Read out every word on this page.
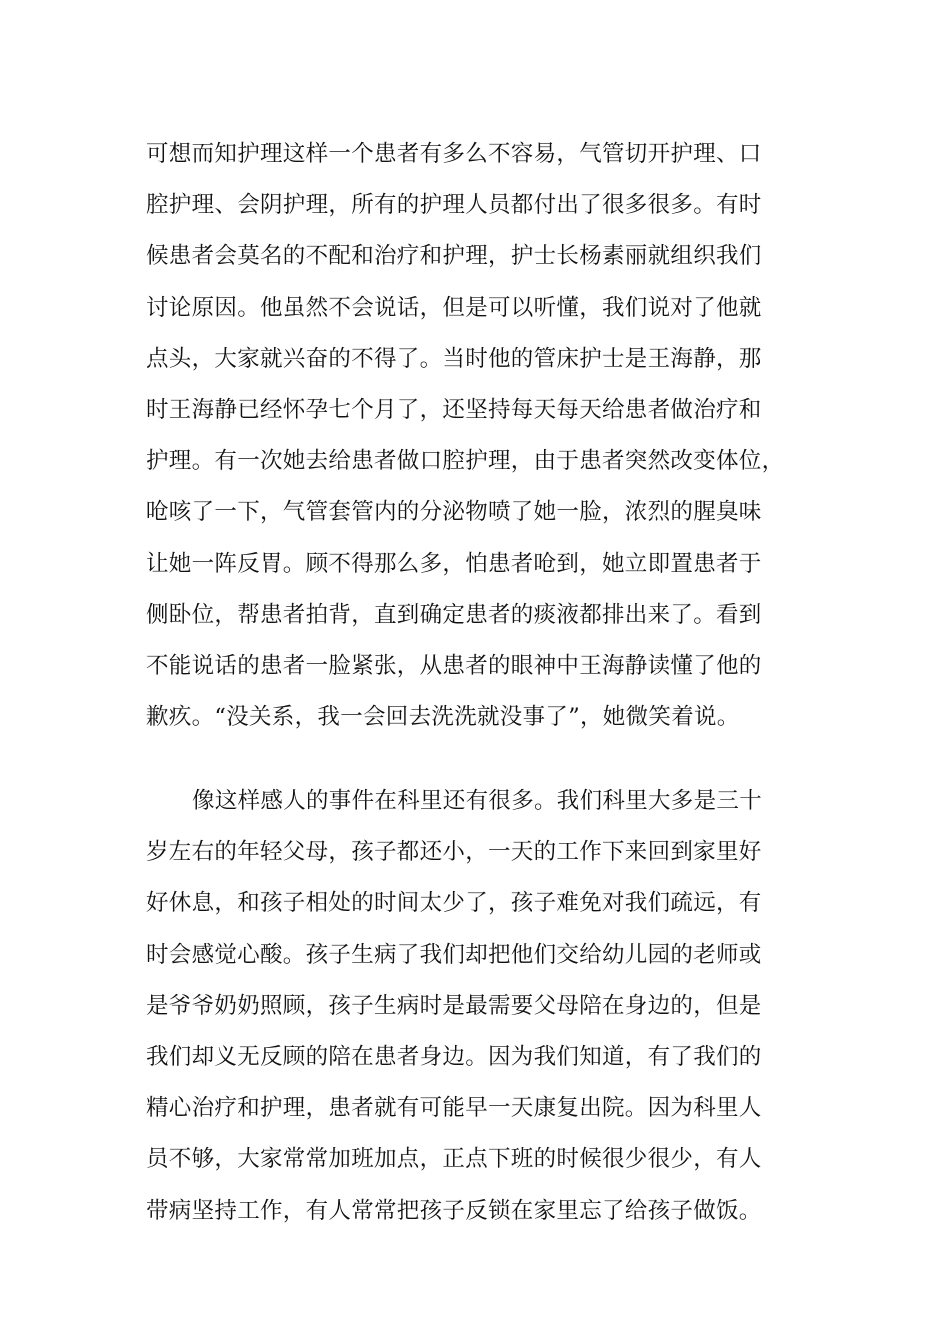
可想而知护理这样一个患者有多么不容易，气管切开护理、口
腔护理、会阴护理，所有的护理人员都付出了很多很多。有时
候患者会莫名的不配和治疗和护理，护士长杨素丽就组织我们
讨论原因。他虽然不会说话，但是可以听懂，我们说对了他就
点头，大家就兴奋的不得了。当时他的管床护士是王海静，那
时王海静已经怀孕七个月了，还坚持每天每天给患者做治疗和
护理。有一次她去给患者做口腔护理，由于患者突然改变体位，
呛咳了一下，气管套管内的分泌物喷了她一脸，浓烈的腥臭味
让她一阵反胃。顾不得那么多，怕患者呛到，她立即置患者于
侧卧位，帮患者拍背，直到确定患者的痰液都排出来了。看到
不能说话的患者一脸紧张，从患者的眼神中王海静读懂了他的
歉疚。“没关系，我一会回去洗洗就没事了”，她微笑着说。
像这样感人的事件在科里还有很多。我们科里大多是三十
岁左右的年轻父母，孩子都还小，一天的工作下来回到家里好
好休息，和孩子相处的时间太少了，孩子难免对我们疏远，有
时会感觉心酸。孩子生病了我们却把他们交给幼儿园的老师或
是爷爷奶奶照顾，孩子生病时是最需要父母陪在身边的，但是
我们却义无反顾的陪在患者身边。因为我们知道，有了我们的
精心治疗和护理，患者就有可能早一天康复出院。因为科里人
员不够，大家常常加班加点，正点下班的时候很少很少，有人
带病坚持工作，有人常常把孩子反锁在家里忘了给孩子做饭。
